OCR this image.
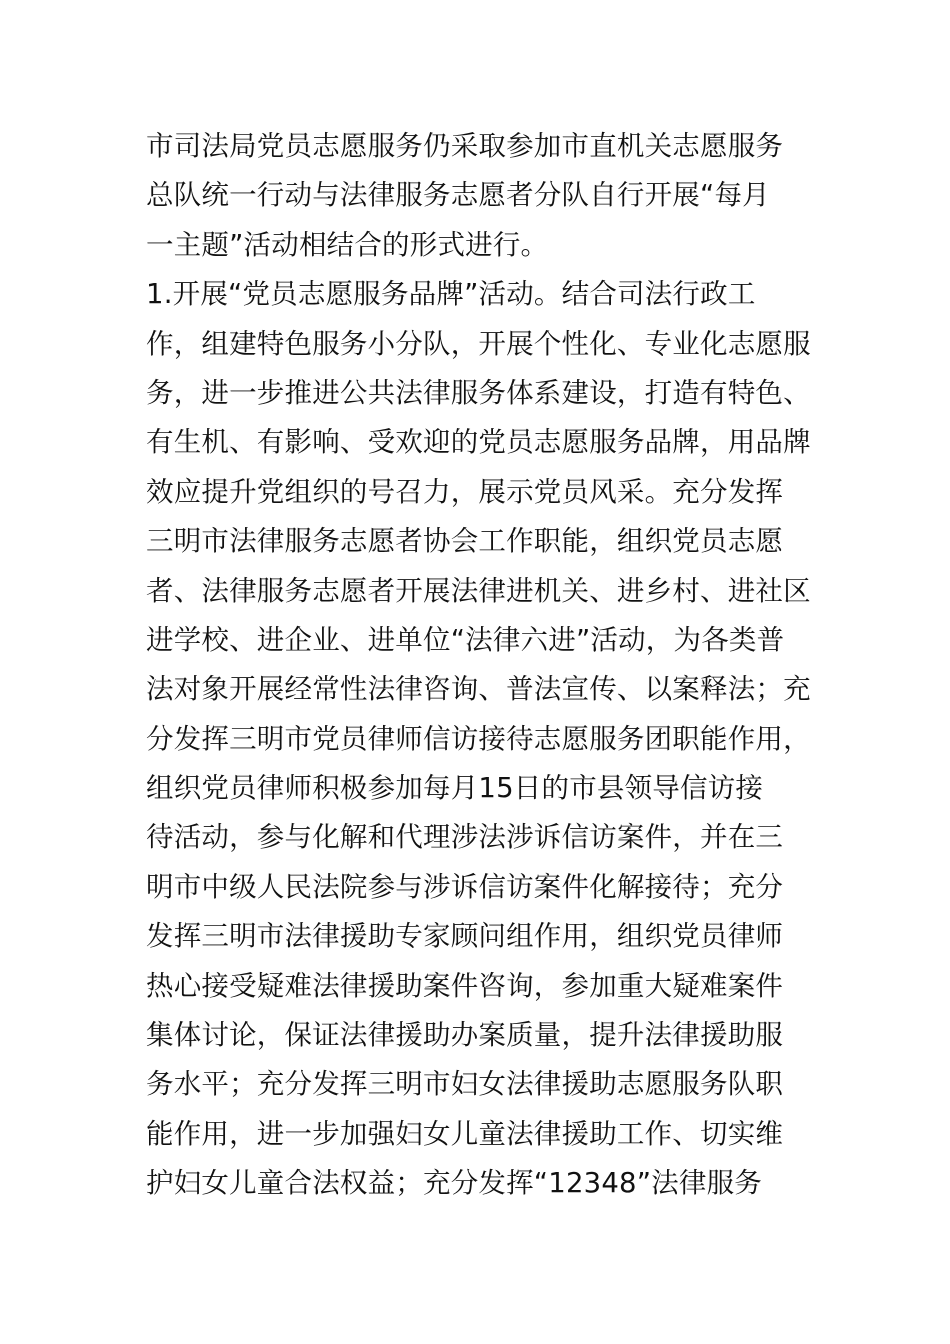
市司法局党员志愿服务仍采取参加市直机关志愿服务
总队统一行动与法律服务志愿者分队自行开展“每月
一主题”活动相结合的形式进行。
1.开展“党员志愿服务品牌”活动。结合司法行政工
作，组建特色服务小分队，开展个性化、专业化志愿服
务，进一步推进公共法律服务体系建设，打造有特色、
有生机、有影响、受欢迎的党员志愿服务品牌，用品牌
效应提升党组织的号召力，展示党员风采。充分发挥
三明市法律服务志愿者协会工作职能，组织党员志愿
者、法律服务志愿者开展法律进机关、进乡村、进社区
进学校、进企业、进单位“法律六进”活动，为各类普
法对象开展经常性法律咨询、普法宣传、以案释法；充
分发挥三明市党员律师信访接待志愿服务团职能作用，
组织党员律师积极参加每月15日的市县领导信访接
待活动，参与化解和代理涉法涉诉信访案件，并在三
明市中级人民法院参与涉诉信访案件化解接待；充分
发挥三明市法律援助专家顾问组作用，组织党员律师
热心接受疑难法律援助案件咨询，参加重大疑难案件
集体讨论，保证法律援助办案质量，提升法律援助服
务水平；充分发挥三明市妇女法律援助志愿服务队职
能作用，进一步加强妇女儿童法律援助工作、切实维
护妇女儿童合法权益；充分发挥“12348”法律服务
